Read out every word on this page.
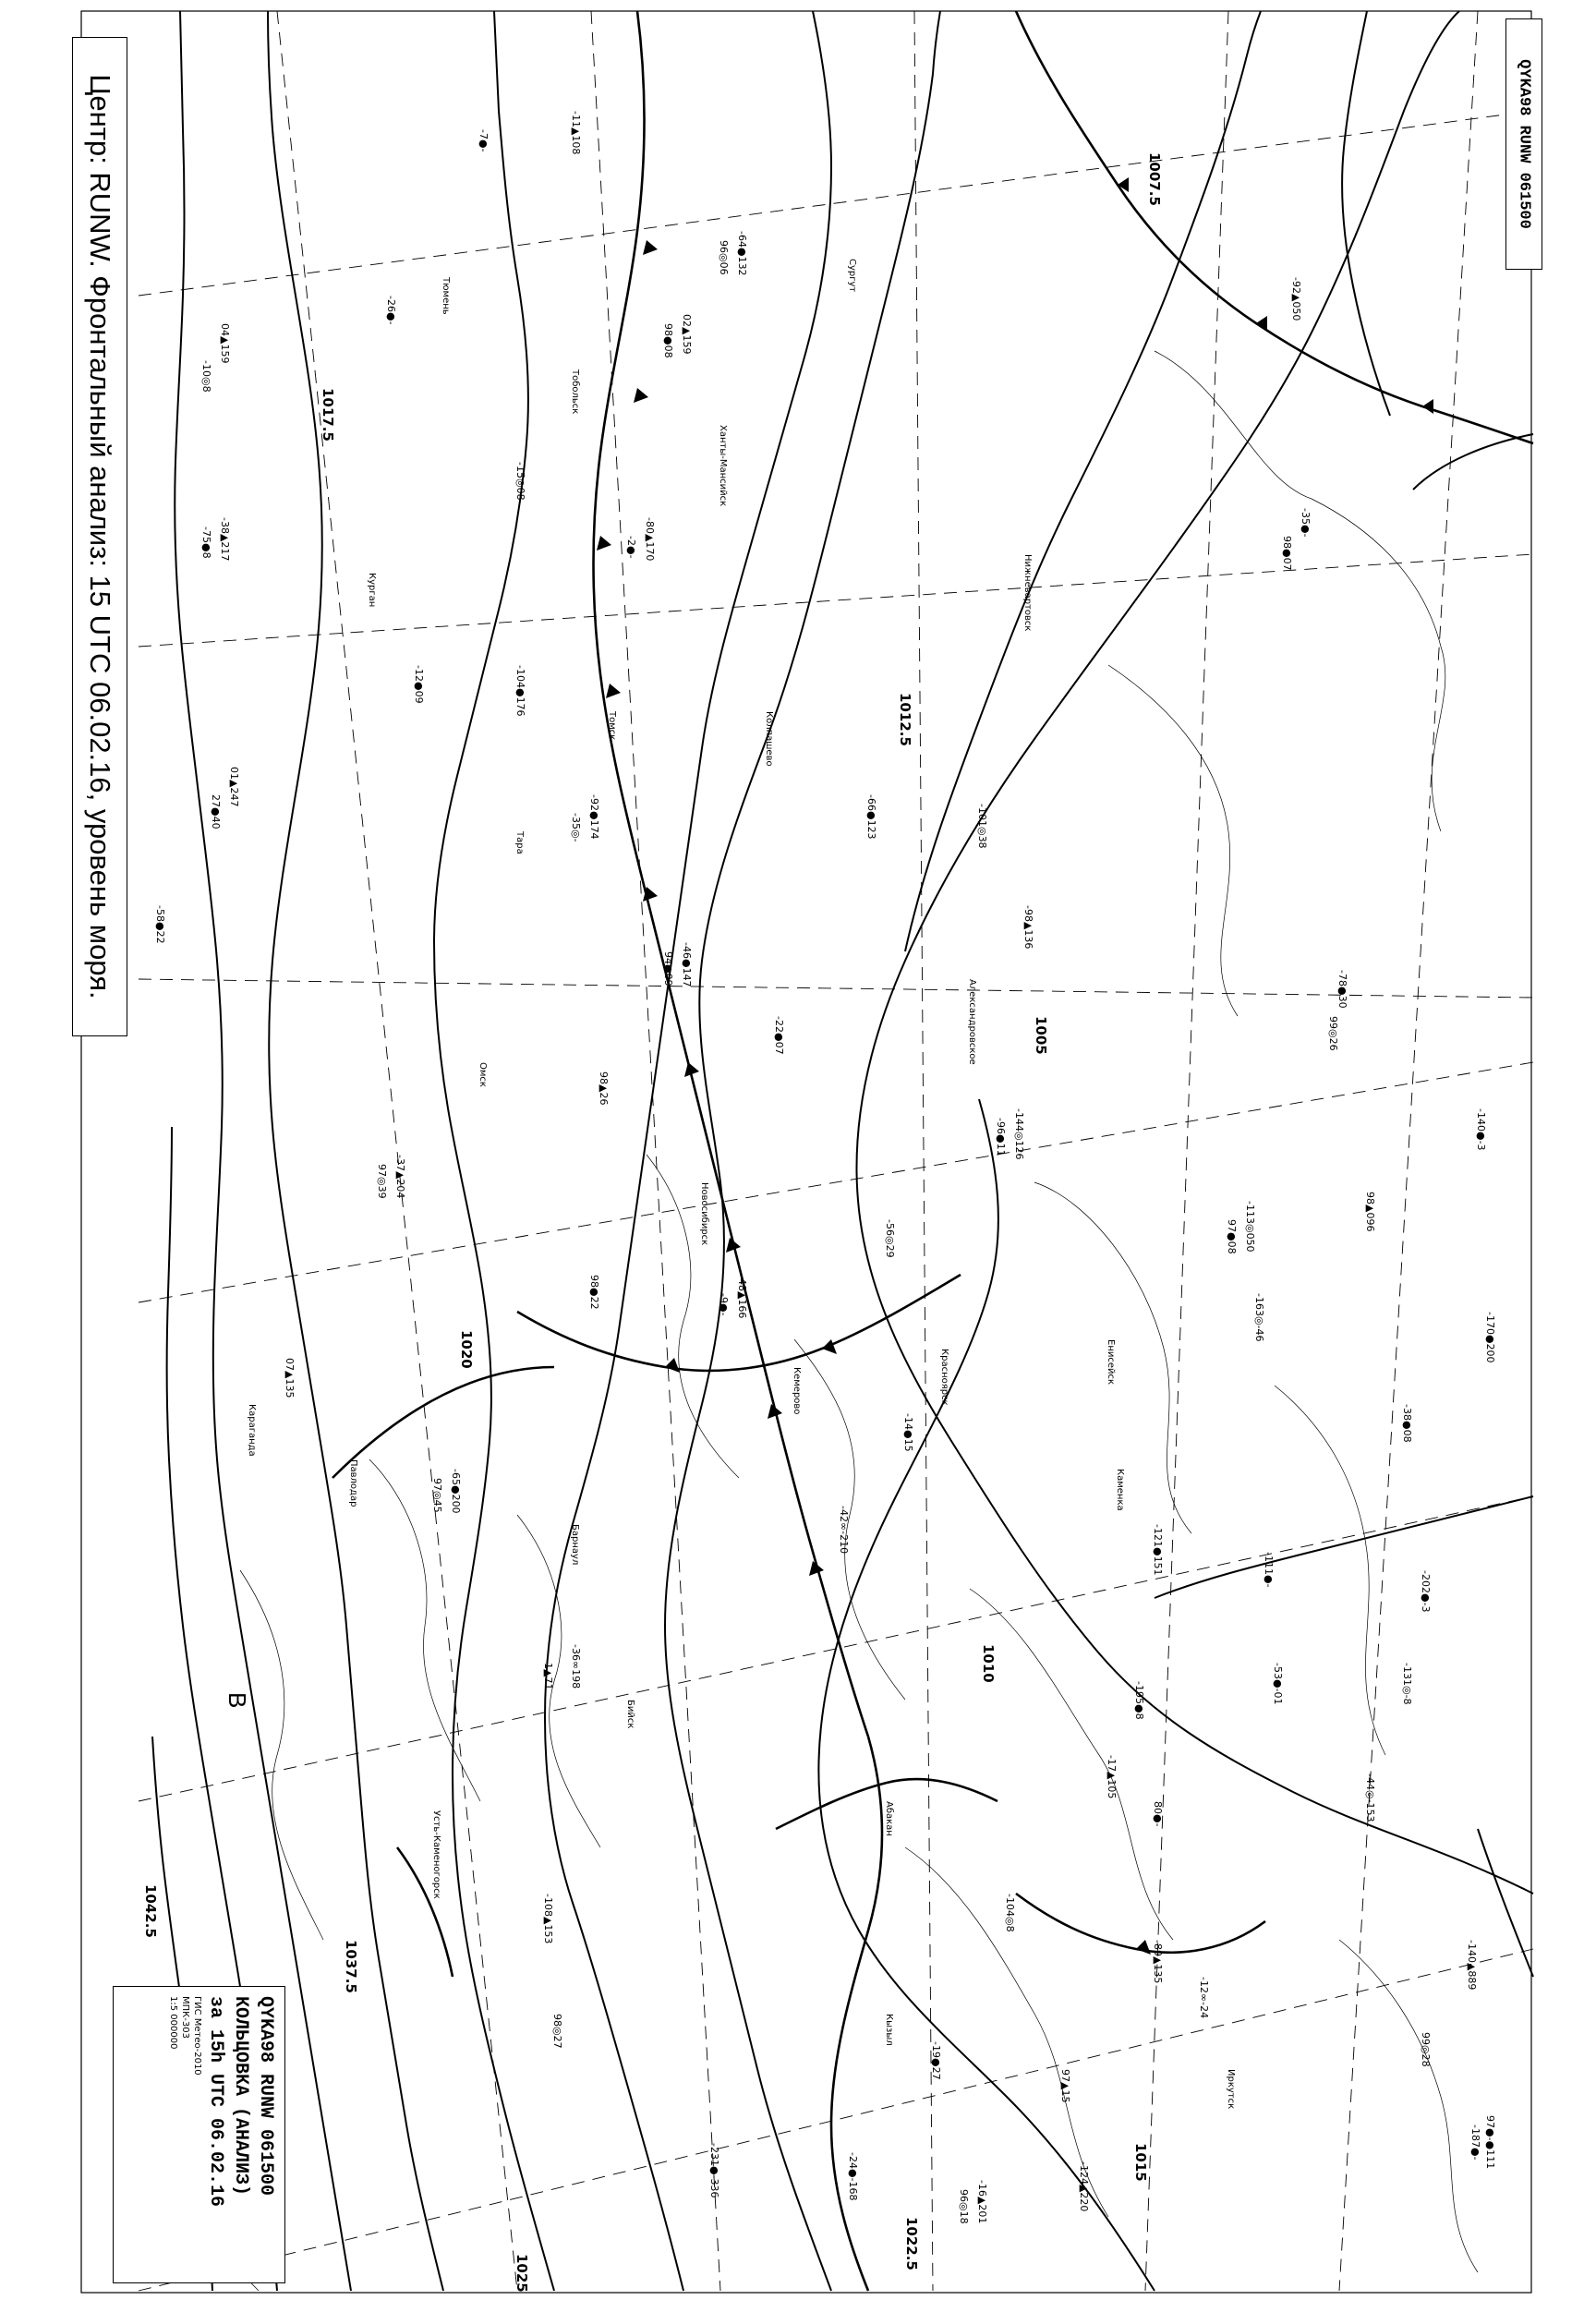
1017.5
1012.5
1007.5
1005
1010
1020
1015
1022.5
1025
1037.5
1042.5
B
Томск
Новосибирск
Омск
Курган
Тюмень
Тобольск
Красноярск
Барнаул
Кызыл
Абакан
Кемерово
Александровское
Енисейск
Иркутск
Каменка
Ханты-Мансийск
Бийск
Тара
Сургут
Колпашево
Усть-Каменогорск
Нижневартовск
Караганда
Павлодар
97●-●111
-187●-
99◎28
-140▲889
-124▲220
97▲15
-89▲135
-12∞-24
-44◎-153
80●-
-53●-01
04▲159
-10◎8
-38▲217
-75●8
-113◎050
97●08
-163◎-46
-36∞198
1▲71
-38●08
-11▲108
-170●200
-78●30
99◎26
-58●22
01▲247
27●40
-46●147
94●09
-98▲136
-101◎38
-131◎-8
-35●-
98●07
-37▲204
97◎39
-231●-336	-24●-168
-108▲153
02▲159
98●08
-195●8
-144◎126
-96●11
-17▲105
98◎27
-7●-
-64●132
96◎06
-92▲050
-121●151
-66●123
-202●-3
98●22
-12●09
-42∞-210
-16▲201
96◎18
-111●-
-48▲166
-9●-
-15◎08
-80▲170
-2●-
98▲26
-65●200
97◎45
-22●07
-104◎8
07▲135
-26●-
-92●174
-35◎-
-14●15
98▲096
-19●27
-140●-3
-56◎29
-104●176
Центр: RUNW. Фронтальный анализ: 15 UTC 06.02.16, уровень моря.	QYKA98 RUNW 061500
QYKA98 RUNW 061500
КОЛЬЦОВКА (АНАЛИЗ)
за 15h UTC 06.02.16
ГИС Метео-2010
МПК-303
1:5 000000
